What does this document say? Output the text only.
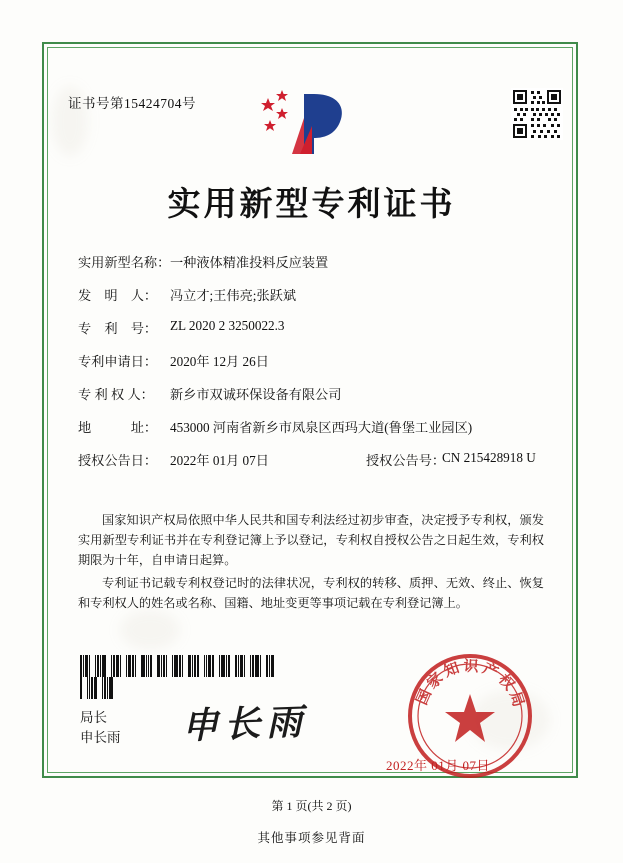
证书号第15424704号
实用新型专利证书
实用新型名称：一种液体精准投料反应装置
发　明　人： 冯立才;王伟亮;张跃斌
专　利　号： ZL 2020 2 3250022.3
专利申请日： 2020年 12月 26日
专 利 权 人： 新乡市双诚环保设备有限公司
地　　　址： 453000 河南省新乡市凤泉区西玛大道(鲁堡工业园区)
授权公告日： 2022年 01月 07日	授权公告号：CN 215428918 U

国家知识产权局依照中华人民共和国专利法经过初步审查，决定授予专利权，颁发实用新型专利证书并在专利登记簿上予以登记，专利权自授权公告之日起生效，专利权期限为十年，自申请日起算。

专利证书记载专利权登记时的法律状况，专利权的转移、质押、无效、终止、恢复和专利权人的姓名或名称、国籍、地址变更等事项记载在专利登记簿上。

局长
申长雨 申长雨
国家知识产权局
2022年 01月 07日
第 1 页(共 2 页)
其他事项参见背面
